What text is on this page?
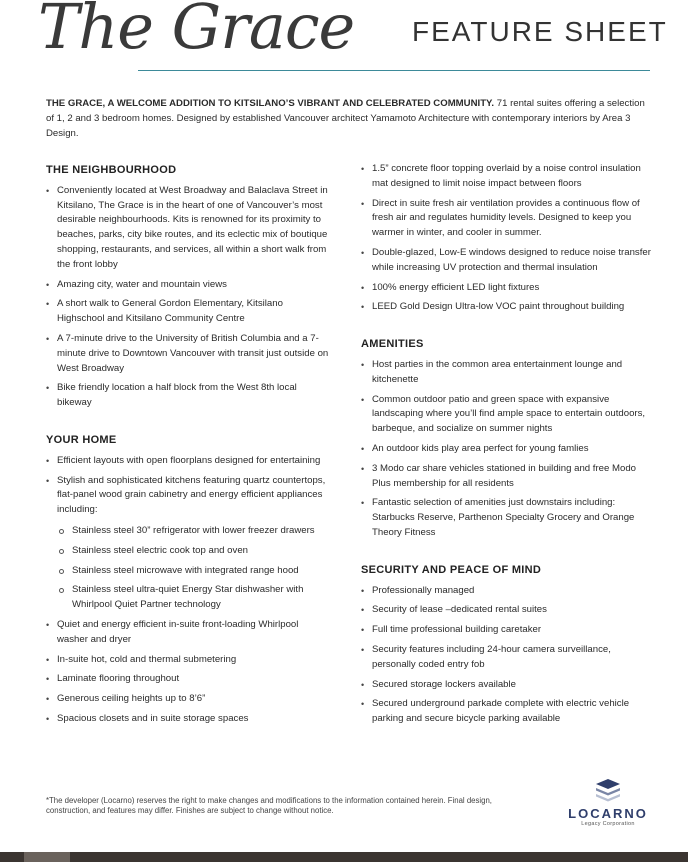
The Grace FEATURE SHEET
THE GRACE, A WELCOME ADDITION TO KITSILANO’S VIBRANT AND CELEBRATED COMMUNITY. 71 rental suites offering a selection of 1, 2 and 3 bedroom homes. Designed by established Vancouver architect Yamamoto Architecture with contemporary interiors by Area 3 Design.
THE NEIGHBOURHOOD
• Conveniently located at West Broadway and Balaclava Street in Kitsilano, The Grace is in the heart of one of Vancouver’s most desirable neighbourhoods. Kits is renowned for its proximity to beaches, parks, city bike routes, and its eclectic mix of boutique shopping, restaurants, and services, all within a short walk from the front lobby
• Amazing city, water and mountain views
• A short walk to General Gordon Elementary, Kitsilano Highschool and Kitsilano Community Centre
• A 7-minute drive to the University of British Columbia and a 7-minute drive to Downtown Vancouver with transit just outside on West Broadway
• Bike friendly location a half block from the West 8th local bikeway
YOUR HOME
• Efficient layouts with open floorplans designed for entertaining
• Stylish and sophisticated kitchens featuring quartz countertops, flat-panel wood grain cabinetry and energy efficient appliances including:
Stainless steel 30” refrigerator with lower freezer drawers
Stainless steel electric cook top and oven
Stainless steel microwave with integrated range hood
Stainless steel ultra-quiet Energy Star dishwasher with Whirlpool Quiet Partner technology
• Quiet and energy efficient in-suite front-loading Whirlpool washer and dryer
• In-suite hot, cold and thermal submetering
• Laminate flooring throughout
• Generous ceiling heights up to 8’6”
• Spacious closets and in suite storage spaces
• 1.5” concrete floor topping overlaid by a noise control insulation mat designed to limit noise impact between floors
• Direct in suite fresh air ventilation provides a continuous flow of fresh air and regulates humidity levels. Designed to keep you warmer in winter, and cooler in summer.
• Double-glazed, Low-E windows designed to reduce noise transfer while increasing UV protection and thermal insulation
• 100% energy efficient LED light fixtures
• LEED Gold Design Ultra-low VOC paint throughout building
AMENITIES
• Host parties in the common area entertainment lounge and kitchenette
• Common outdoor patio and green space with expansive landscaping where you’ll find ample space to entertain outdoors, barbeque, and socialize on summer nights
• An outdoor kids play area perfect for young famlies
• 3 Modo car share vehicles stationed in building and free Modo Plus membership for all residents
• Fantastic selection of amenities just downstairs including: Starbucks Reserve, Parthenon Specialty Grocery and Orange Theory Fitness
SECURITY AND PEACE OF MIND
• Professionally managed
• Security of lease –dedicated rental suites
• Full time professional building caretaker
• Security features including 24-hour camera surveillance, personally coded entry fob
• Secured storage lockers available
• Secured underground parkade complete with electric vehicle parking and secure bicycle parking available
*The developer (Locarno) reserves the right to make changes and modifications to the information contained herein. Final design, construction, and features may differ. Finishes are subject to change without notice.	LOCARNO
Legacy Corporation
